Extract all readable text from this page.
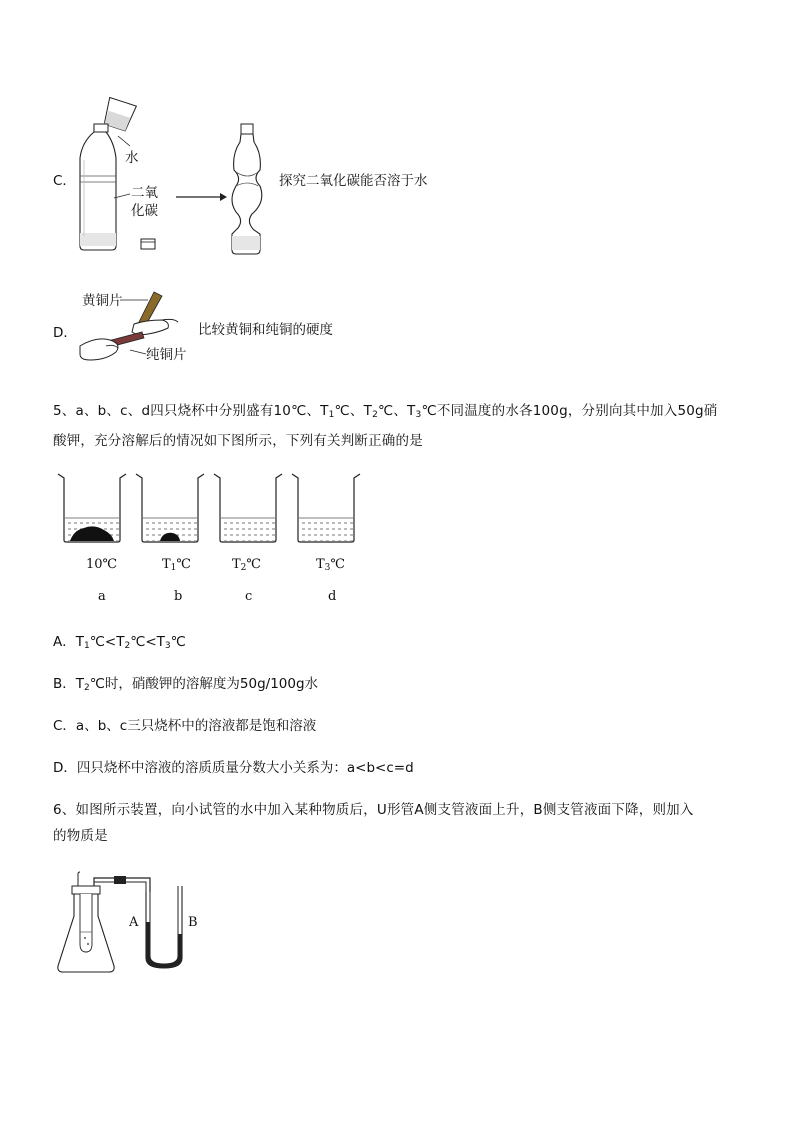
C．
水
二氧
化碳
探究二氧化碳能否溶于水
D．
黄铜片
纯铜片
比较黄铜和纯铜的硬度
5、a、b、c、d四只烧杯中分别盛有10℃、$T_1℃$、$T_2℃$、$T_3℃$不同温度的水各100g，分别向其中加入50g硝
酸钾，充分溶解后的情况如下图所示，下列有关判断正确的是
10℃	$T_1℃$	$T_2℃$	$T_3℃$
a	b	c	d
A．$T_1℃<T_2℃<T_3℃$
B．$T_2℃$时，硝酸钾的溶解度为50g/100g水
C．a、b、c三只烧杯中的溶液都是饱和溶液
D．四只烧杯中溶液的溶质质量分数大小关系为：a<b<c=d
6、如图所示装置，向小试管的水中加入某种物质后，U形管A侧支管液面上升，B侧支管液面下降，则加入
的物质是
A	B
